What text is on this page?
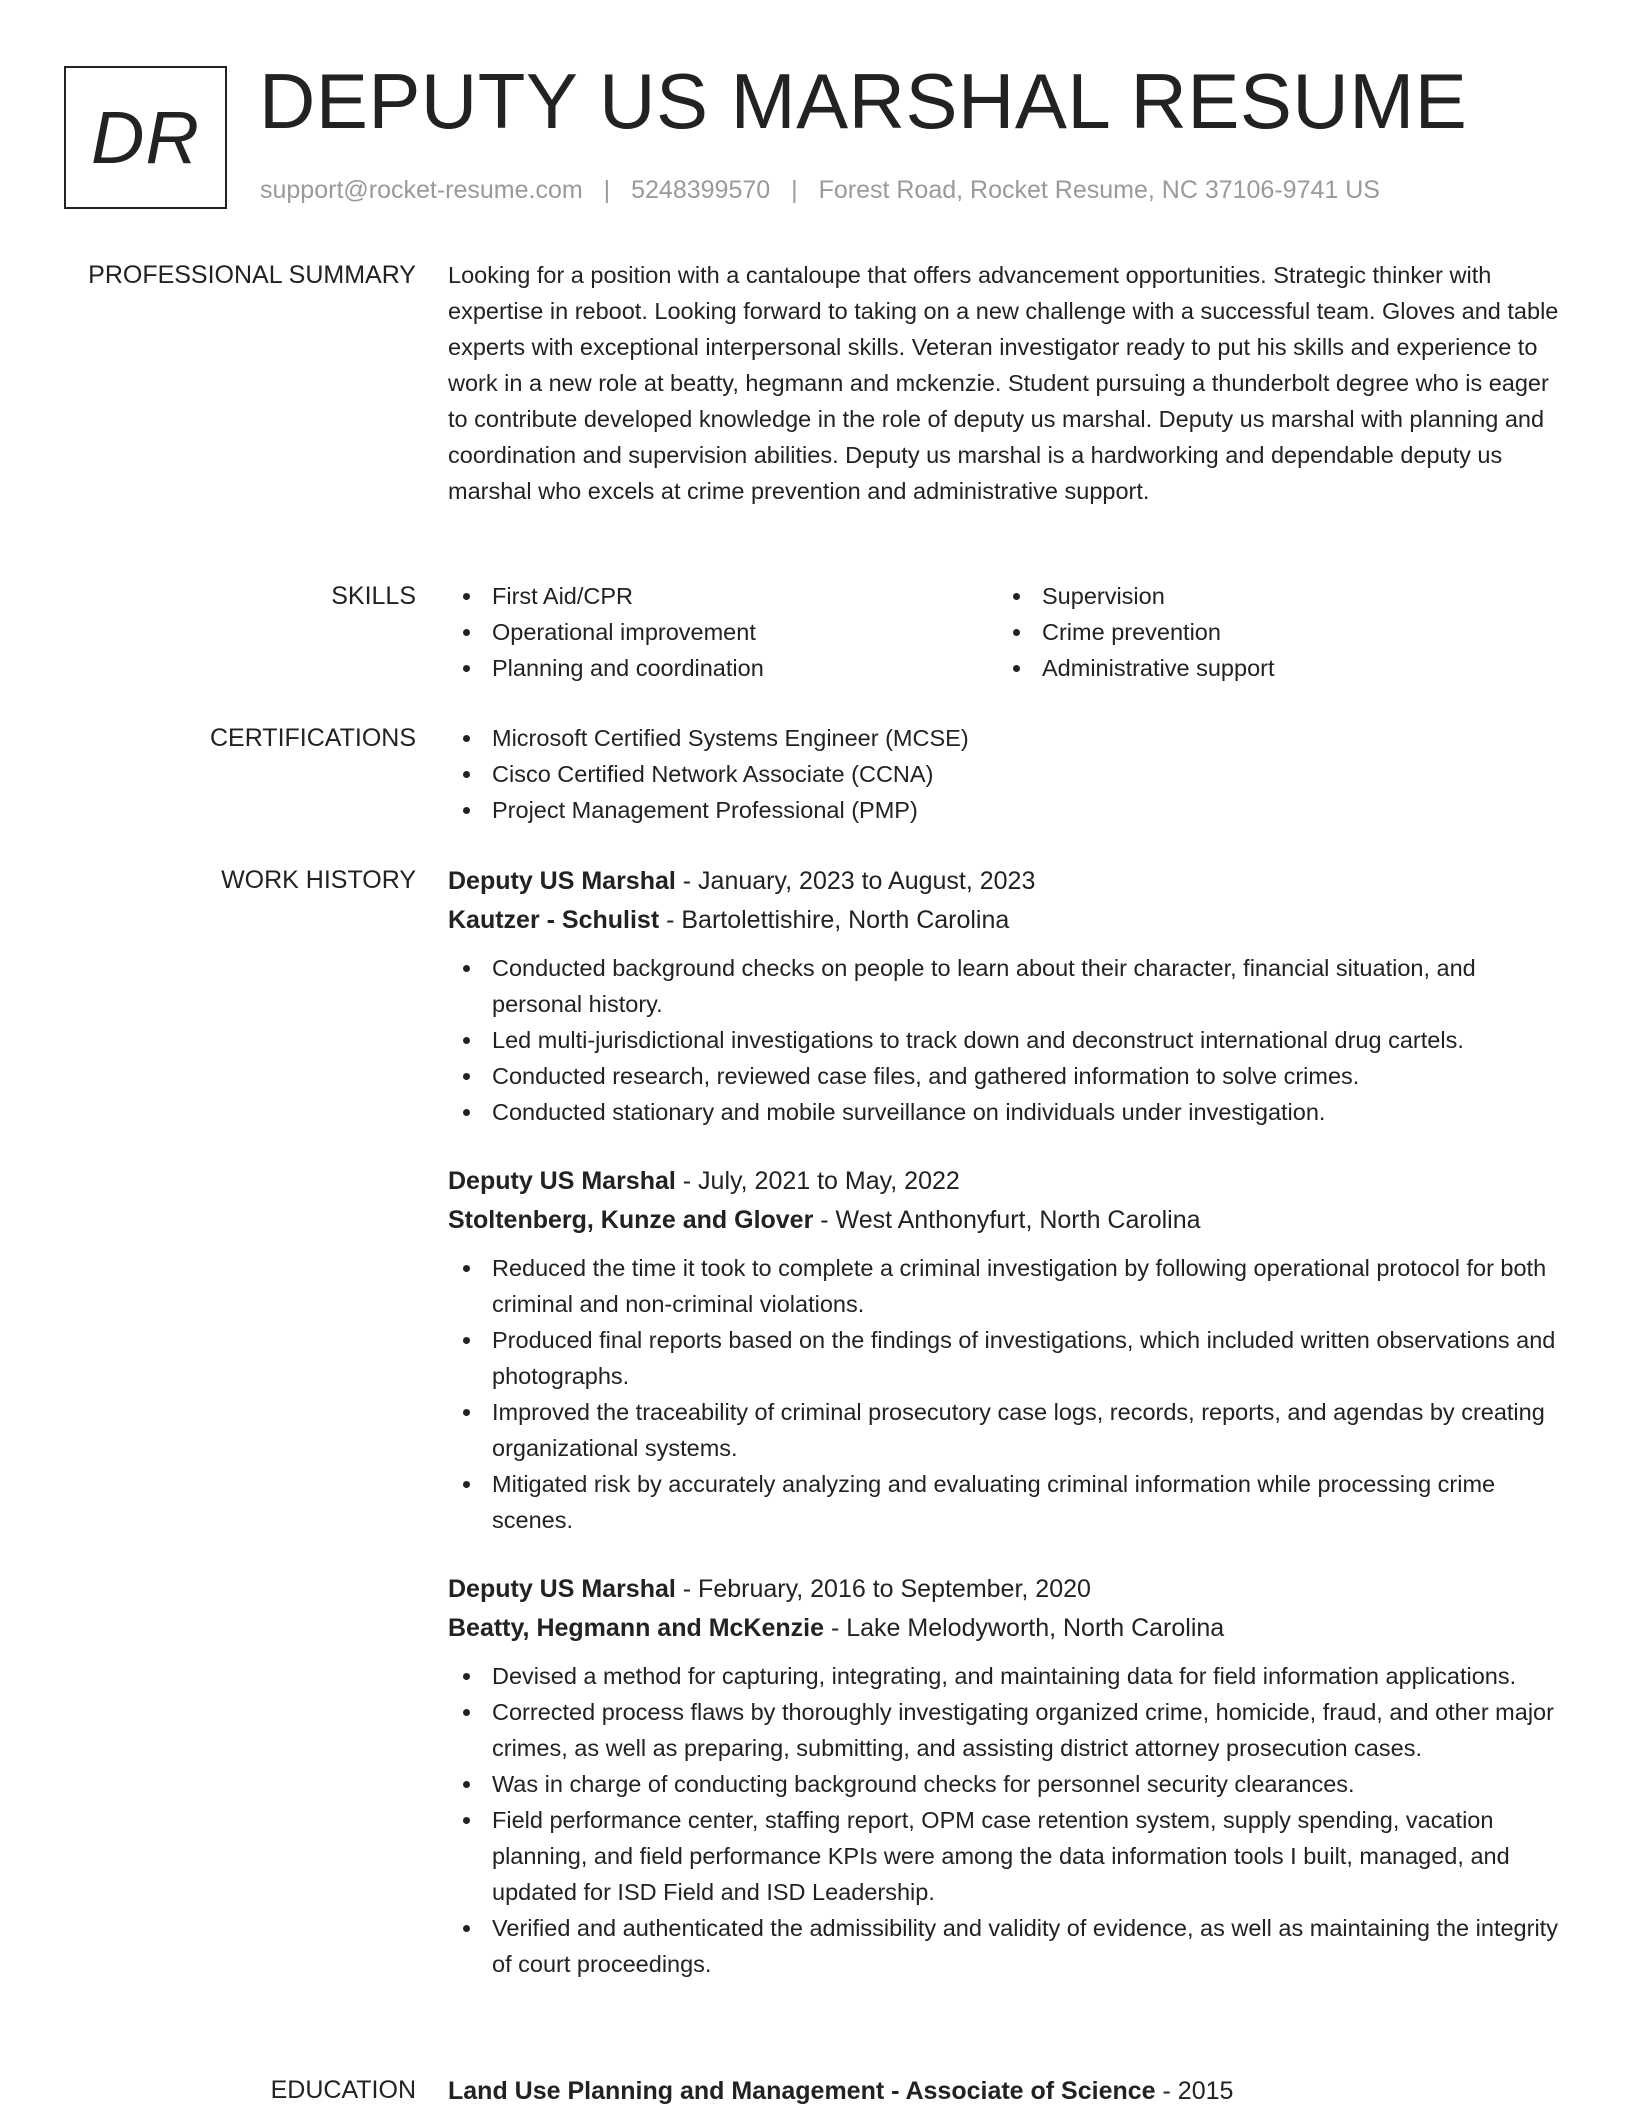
DR DEPUTY US MARSHAL RESUME
support@rocket-resume.com | 5248399570 | Forest Road, Rocket Resume, NC 37106-9741 US
PROFESSIONAL SUMMARY Looking for a position with a cantaloupe that offers advancement opportunities. Strategic thinker with expertise in reboot. Looking forward to taking on a new challenge with a successful team. Gloves and table experts with exceptional interpersonal skills. Veteran investigator ready to put his skills and experience to work in a new role at beatty, hegmann and mckenzie. Student pursuing a thunderbolt degree who is eager to contribute developed knowledge in the role of deputy us marshal. Deputy us marshal with planning and coordination and supervision abilities. Deputy us marshal is a hardworking and dependable deputy us marshal who excels at crime prevention and administrative support.

SKILLS	First Aid/CPR
Operational improvement
Planning and coordination
Supervision
Crime prevention
Administrative support
CERTIFICATIONS	Microsoft Certified Systems Engineer (MCSE)
Cisco Certified Network Associate (CCNA)
Project Management Professional (PMP)
WORK HISTORY Deputy US Marshal - January, 2023 to August, 2023
Kautzer - Schulist - Bartolettishire, North Carolina
Conducted background checks on people to learn about their character, financial situation, and personal history.
Led multi-jurisdictional investigations to track down and deconstruct international drug cartels.
Conducted research, reviewed case files, and gathered information to solve crimes.
Conducted stationary and mobile surveillance on individuals under investigation.
Deputy US Marshal - July, 2021 to May, 2022
Stoltenberg, Kunze and Glover - West Anthonyfurt, North Carolina
Reduced the time it took to complete a criminal investigation by following operational protocol for both criminal and non-criminal violations.
Produced final reports based on the findings of investigations, which included written observations and photographs.
Improved the traceability of criminal prosecutory case logs, records, reports, and agendas by creating organizational systems.
Mitigated risk by accurately analyzing and evaluating criminal information while processing crime scenes.
Deputy US Marshal - February, 2016 to September, 2020
Beatty, Hegmann and McKenzie - Lake Melodyworth, North Carolina
Devised a method for capturing, integrating, and maintaining data for field information applications.
Corrected process flaws by thoroughly investigating organized crime, homicide, fraud, and other major crimes, as well as preparing, submitting, and assisting district attorney prosecution cases.
Was in charge of conducting background checks for personnel security clearances.
Field performance center, staffing report, OPM case retention system, supply spending, vacation planning, and field performance KPIs were among the data information tools I built, managed, and updated for ISD Field and ISD Leadership.
Verified and authenticated the admissibility and validity of evidence, as well as maintaining the integrity of court proceedings.
EDUCATION Land Use Planning and Management - Associate of Science - 2015
